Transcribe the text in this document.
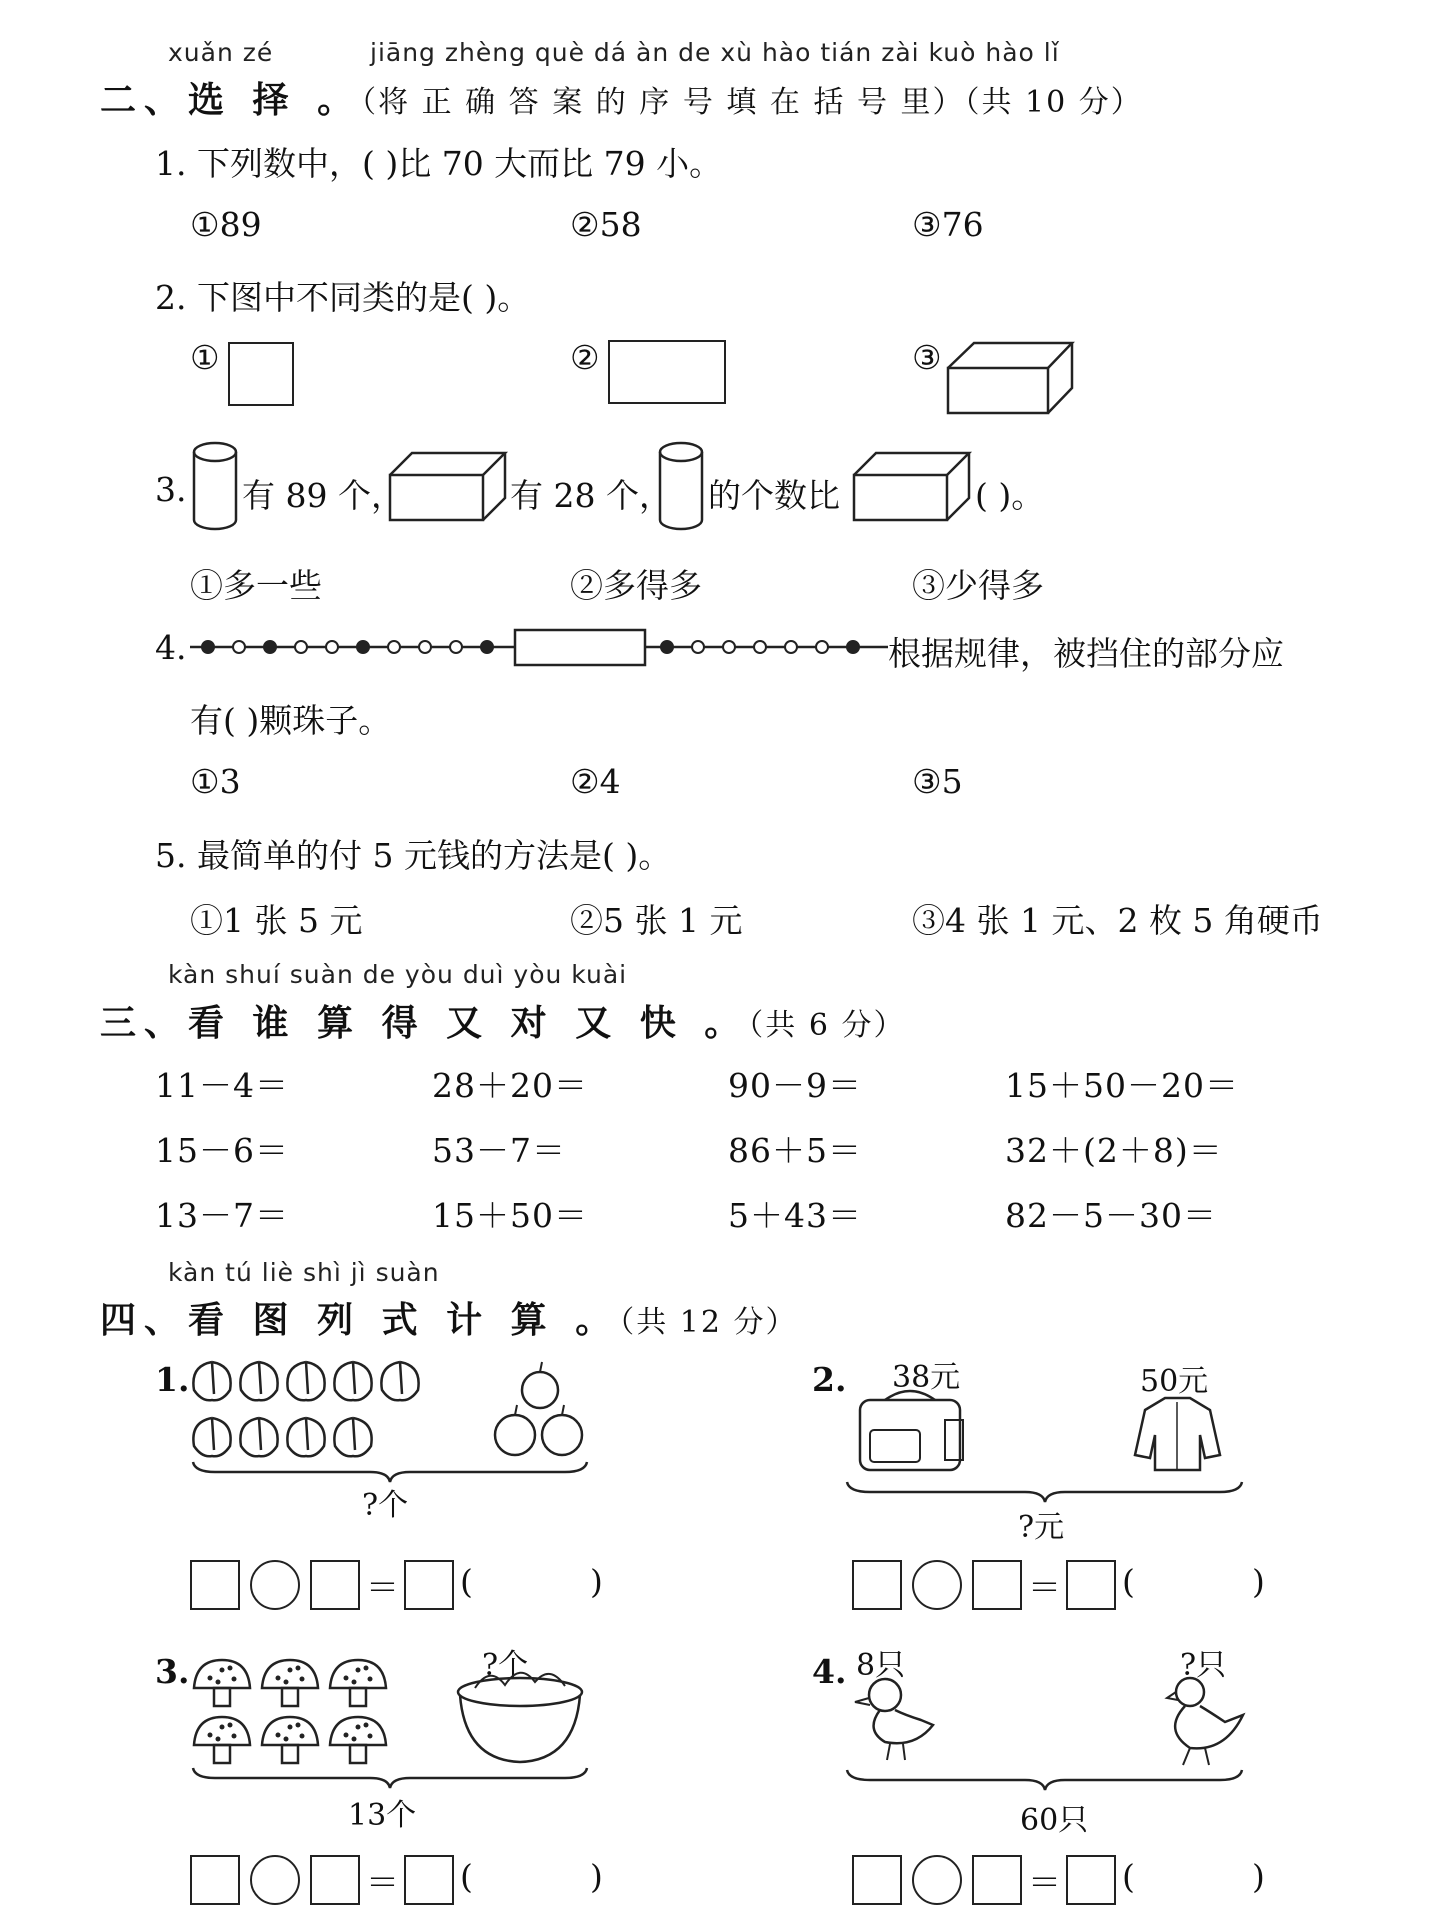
xuǎn zé	jiāng zhèng què dá àn de xù hào tián zài kuò hào lǐ
二、选 择 。（将 正 确 答 案 的 序 号 填 在 括 号 里）（共 10 分）
1. 下列数中，( )比 70 大而比 79 小。
①89	②58	③76
2. 下图中不同类的是( )。
①	②	③
3. 有 89 个，	有 28 个， 的个数比	( )。
①多一些	②多得多	③少得多
4.	根据规律，被挡住的部分应
有( )颗珠子。
①3	②4	③5
5. 最简单的付 5 元钱的方法是( )。
①1 张 5 元	②5 张 1 元	③4 张 1 元、2 枚 5 角硬币
kàn shuí suàn de yòu duì yòu kuài
三、看 谁 算 得 又 对 又 快 。（共 6 分）
11－4＝	28＋20＝	90－9＝	15＋50－20＝
15－6＝	53－7＝	86＋5＝	32＋(2＋8)＝
13－7＝	15＋50＝	5＋43＝	82－5－30＝
kàn tú liè shì jì suàn
四、看 图 列 式 计 算 。（共 12 分）
1.
?个
2. 38元	50元
?元
3.	?个
13个
4. 8只	?只
60只
＝ (	)	＝ (	)
＝ (	)	＝ (	)
